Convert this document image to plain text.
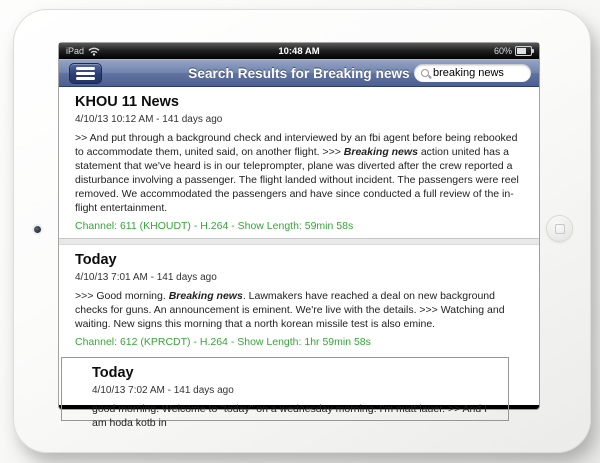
iPad	10:48 AM	60%
Search Results for Breaking news
breaking news
KHOU 11 News
4/10/13 10:12 AM - 141 days ago
>> And put through a background check and interviewed by an fbi agent before being rebooked to accommodate them, united said, on another flight. >>> Breaking news action united has a statement that we've heard is in our teleprompter, plane was diverted after the crew reported a disturbance involving a passenger. The flight landed without incident. The passengers were reel removed. We accommodated the passengers and have since conducted a full review of the in-flight entertainment.
Channel: 611 (KHOUDT) - H.264 - Show Length: 59min 58s
Today
4/10/13 7:01 AM - 141 days ago
>>> Good morning. Breaking news. Lawmakers have reached a deal on new background checks for guns. An announcement is eminent. We're live with the details. >>> Watching and waiting. New signs this morning that a north korean missile test is also emine.
Channel: 612 (KPRCDT) - H.264 - Show Length: 1hr 59min 58s
Today
4/10/13 7:02 AM - 141 days ago
good morning. Welcome to "today" on a wednesday morning. I'm matt lauer. >> And I am hoda kotb in
